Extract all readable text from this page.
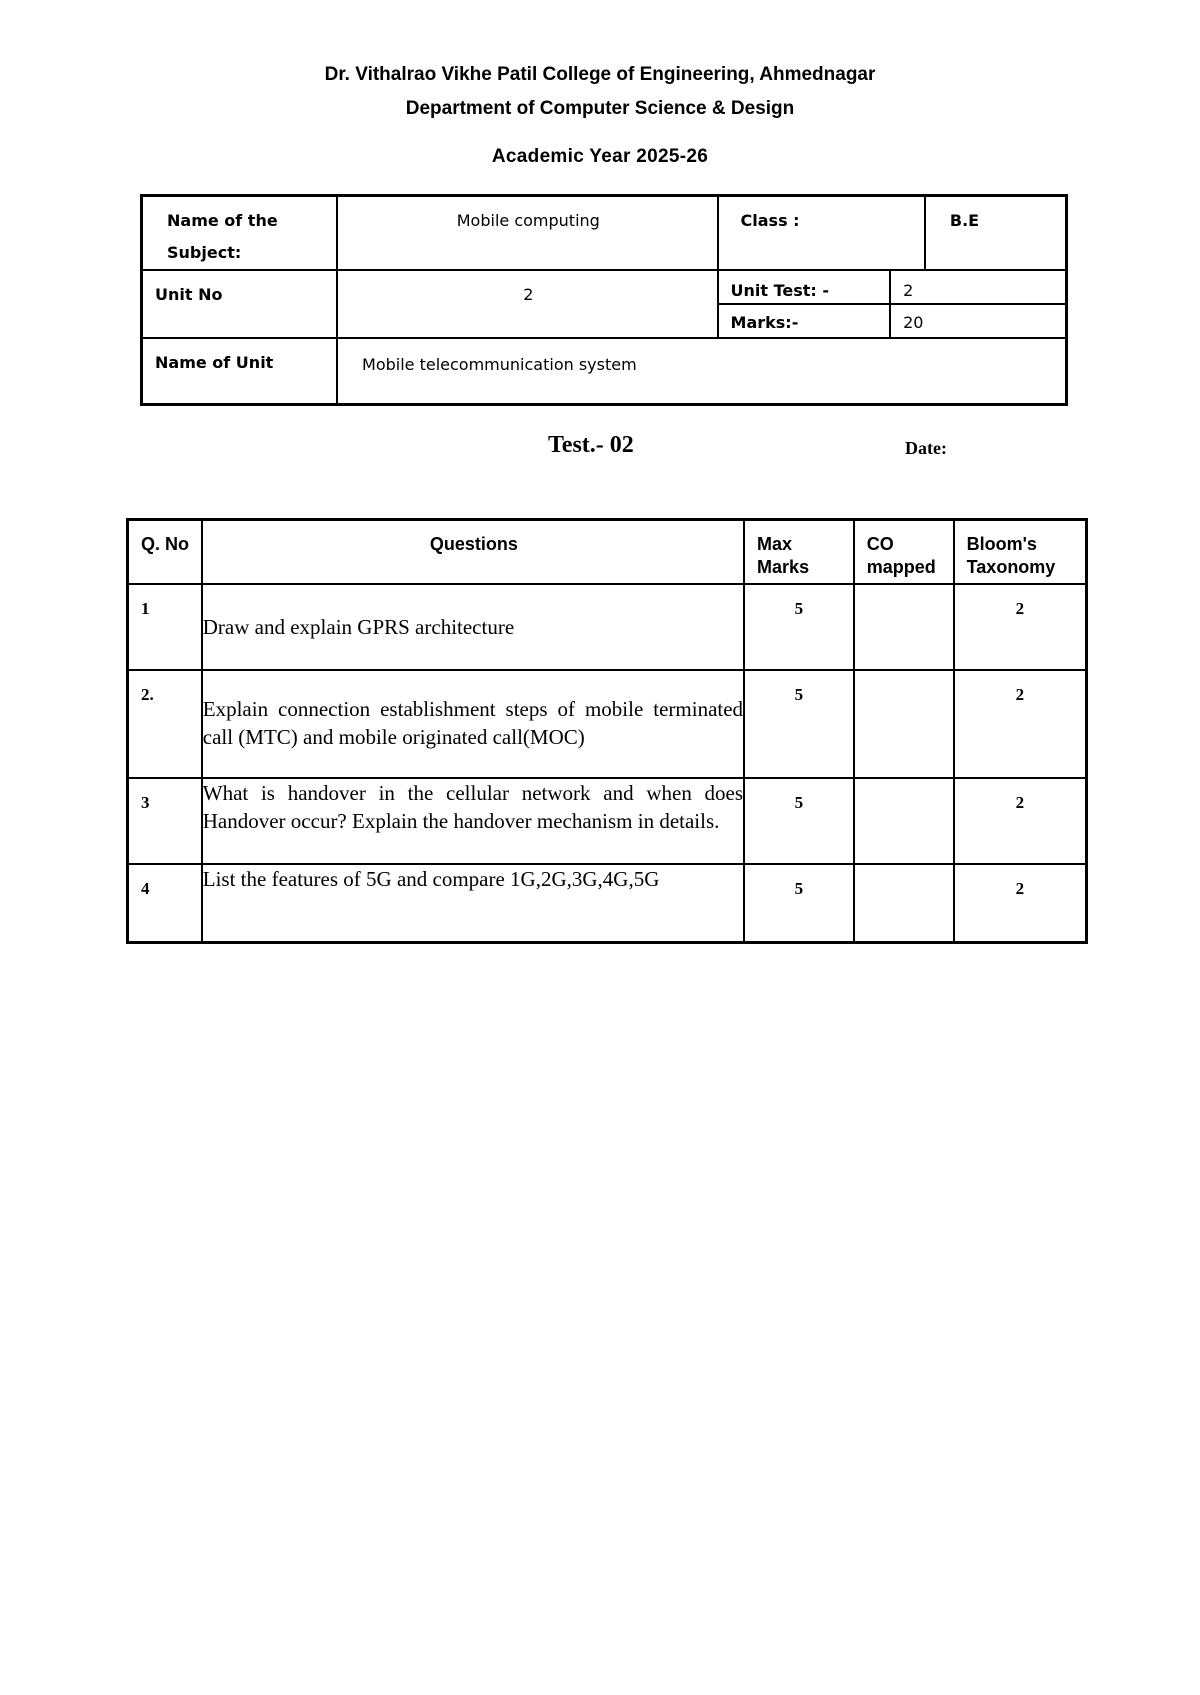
Dr. Vithalrao Vikhe Patil College of Engineering, Ahmednagar
Department of Computer Science & Design
Academic Year 2025-26
Name of the Subject:	Mobile computing	Class :		B.E
Unit No	2	Unit Test: -	2	
		Marks:-	20	
Name of Unit	Mobile telecommunication system			
Test.- 02	Date:
Q. No	Questions	Max Marks	CO mapped	Bloom's Taxonomy
1	Draw and explain GPRS architecture	5		2
2.	Explain connection establishment steps of mobile terminated call (MTC) and mobile originated call(MOC)	5		2
3	What is handover in the cellular network and when does Handover occur? Explain the handover mechanism in details.	5		2
4	List the features of 5G and compare 1G,2G,3G,4G,5G	5		2
